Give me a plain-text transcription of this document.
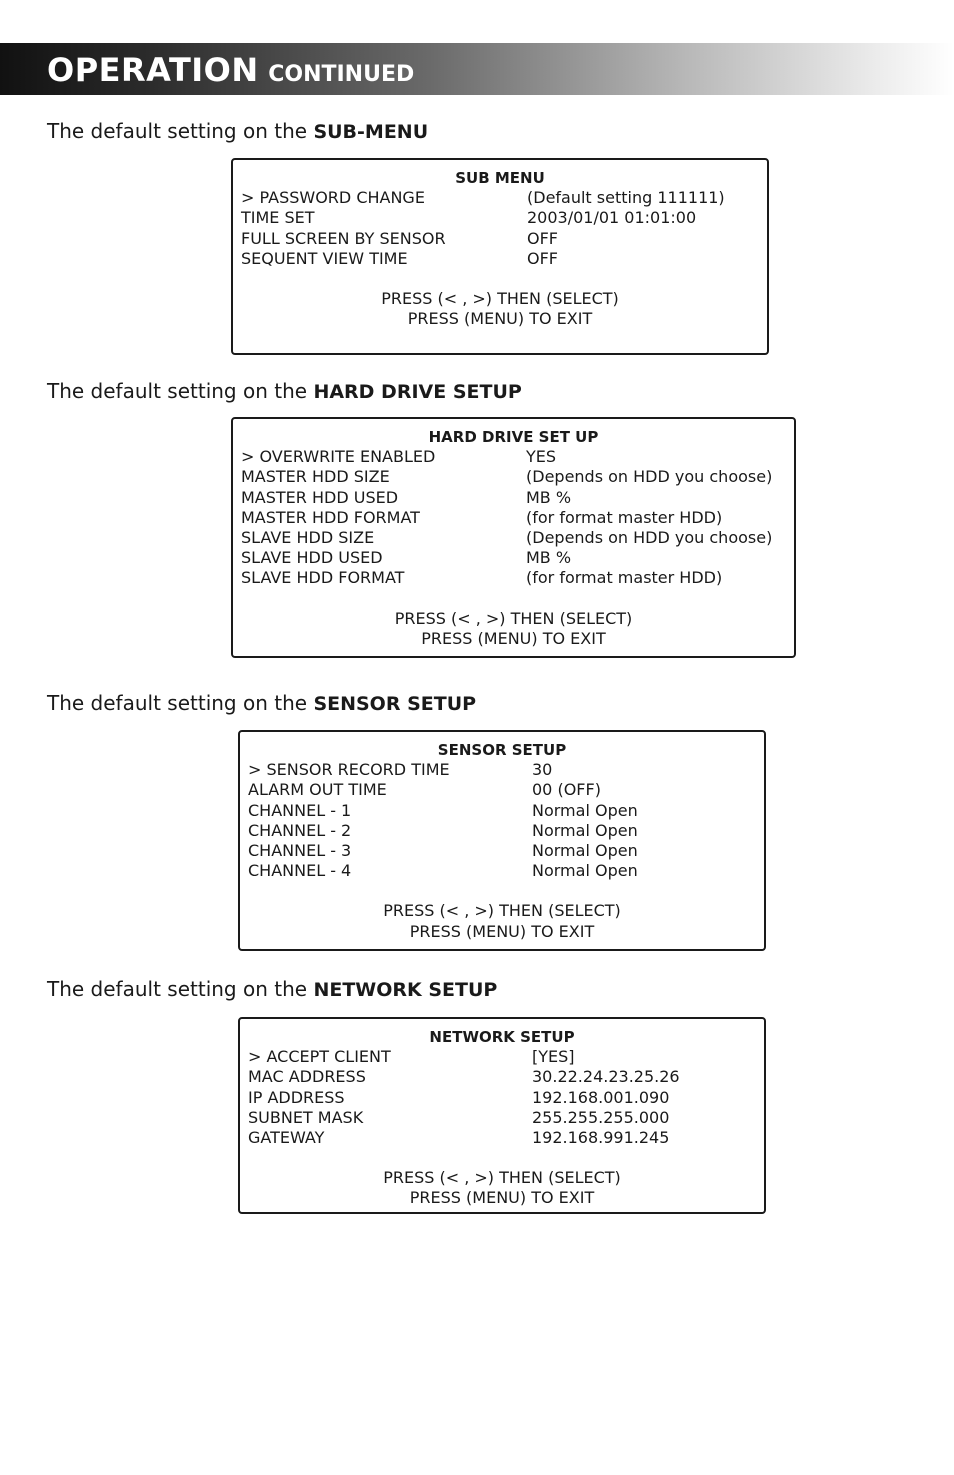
OPERATION CONTINUED
The default setting on the SUB-MENU
SUB MENU
> PASSWORD CHANGE	(Default setting 111111)
TIME SET	2003/01/01 01:01:00
FULL SCREEN BY SENSOR	OFF
SEQUENT VIEW TIME	OFF
PRESS (< , >) THEN (SELECT)
PRESS (MENU) TO EXIT
The default setting on the HARD DRIVE SETUP
HARD DRIVE SET UP
> OVERWRITE ENABLED	YES
MASTER HDD SIZE	(Depends on HDD you choose)
MASTER HDD USED	MB %
MASTER HDD FORMAT	(for format master HDD)
SLAVE HDD SIZE	(Depends on HDD you choose)
SLAVE HDD USED	MB %
SLAVE HDD FORMAT	(for format master HDD)
PRESS (< , >) THEN (SELECT)
PRESS (MENU) TO EXIT
The default setting on the SENSOR SETUP
SENSOR SETUP
> SENSOR RECORD TIME	30
ALARM OUT TIME	00 (OFF)
CHANNEL - 1	Normal Open
CHANNEL - 2	Normal Open
CHANNEL - 3	Normal Open
CHANNEL - 4	Normal Open
PRESS (< , >) THEN (SELECT)
PRESS (MENU) TO EXIT
The default setting on the NETWORK SETUP
NETWORK SETUP
> ACCEPT CLIENT	[YES]
MAC ADDRESS	30.22.24.23.25.26
IP ADDRESS	192.168.001.090
SUBNET MASK	255.255.255.000
GATEWAY	192.168.991.245
PRESS (< , >) THEN (SELECT)
PRESS (MENU) TO EXIT
